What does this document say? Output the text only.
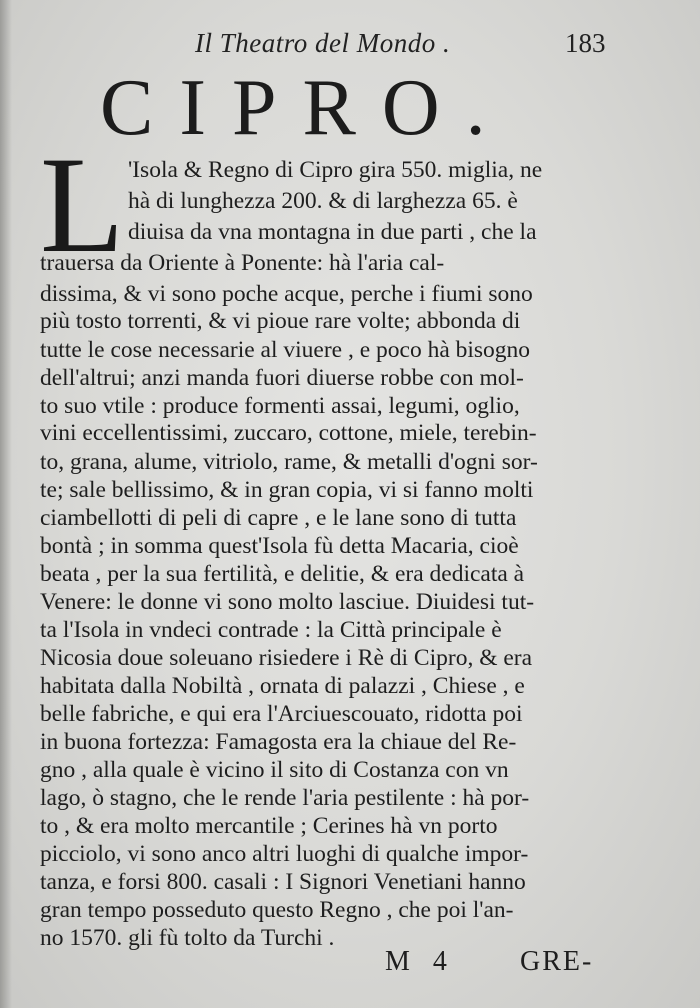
Il Theatro del Mondo .	183
CIPRO.
L 'Isola & Regno di Cipro gira 550. miglia, ne
hà di lunghezza 200. & di larghezza 65. è
diuisa da vna montagna in due parti , che la
trauersa da Oriente à Ponente: hà l'aria cal-
dissima, & vi sono poche acque, perche i fiumi sono
più tosto torrenti, & vi pioue rare volte; abbonda di
tutte le cose necessarie al viuere , e poco hà bisogno
dell'altrui; anzi manda fuori diuerse robbe con mol-
to suo vtile : produce formenti assai, legumi, oglio,
vini eccellentissimi, zuccaro, cottone, miele, terebin-
to, grana, alume, vitriolo, rame, & metalli d'ogni sor-
te; sale bellissimo, & in gran copia, vi si fanno molti
ciambellotti di peli di capre , e le lane sono di tutta
bontà ; in somma quest'Isola fù detta Macaria, cioè
beata , per la sua fertilità, e delitie, & era dedicata à
Venere: le donne vi sono molto lasciue. Diuidesi tut-
ta l'Isola in vndeci contrade : la Città principale è
Nicosia doue soleuano risiedere i Rè di Cipro, & era
habitata dalla Nobiltà , ornata di palazzi , Chiese , e
belle fabriche, e qui era l'Arciuescouato, ridotta poi
in buona fortezza: Famagosta era la chiaue del Re-
gno , alla quale è vicino il sito di Costanza con vn
lago, ò stagno, che le rende l'aria pestilente : hà por-
to , & era molto mercantile ; Cerines hà vn porto
picciolo, vi sono anco altri luoghi di qualche impor-
tanza, e forsi 800. casali : I Signori Venetiani hanno
gran tempo posseduto questo Regno , che poi l'an-
no 1570. gli fù tolto da Turchi .
M 4 GRE-
